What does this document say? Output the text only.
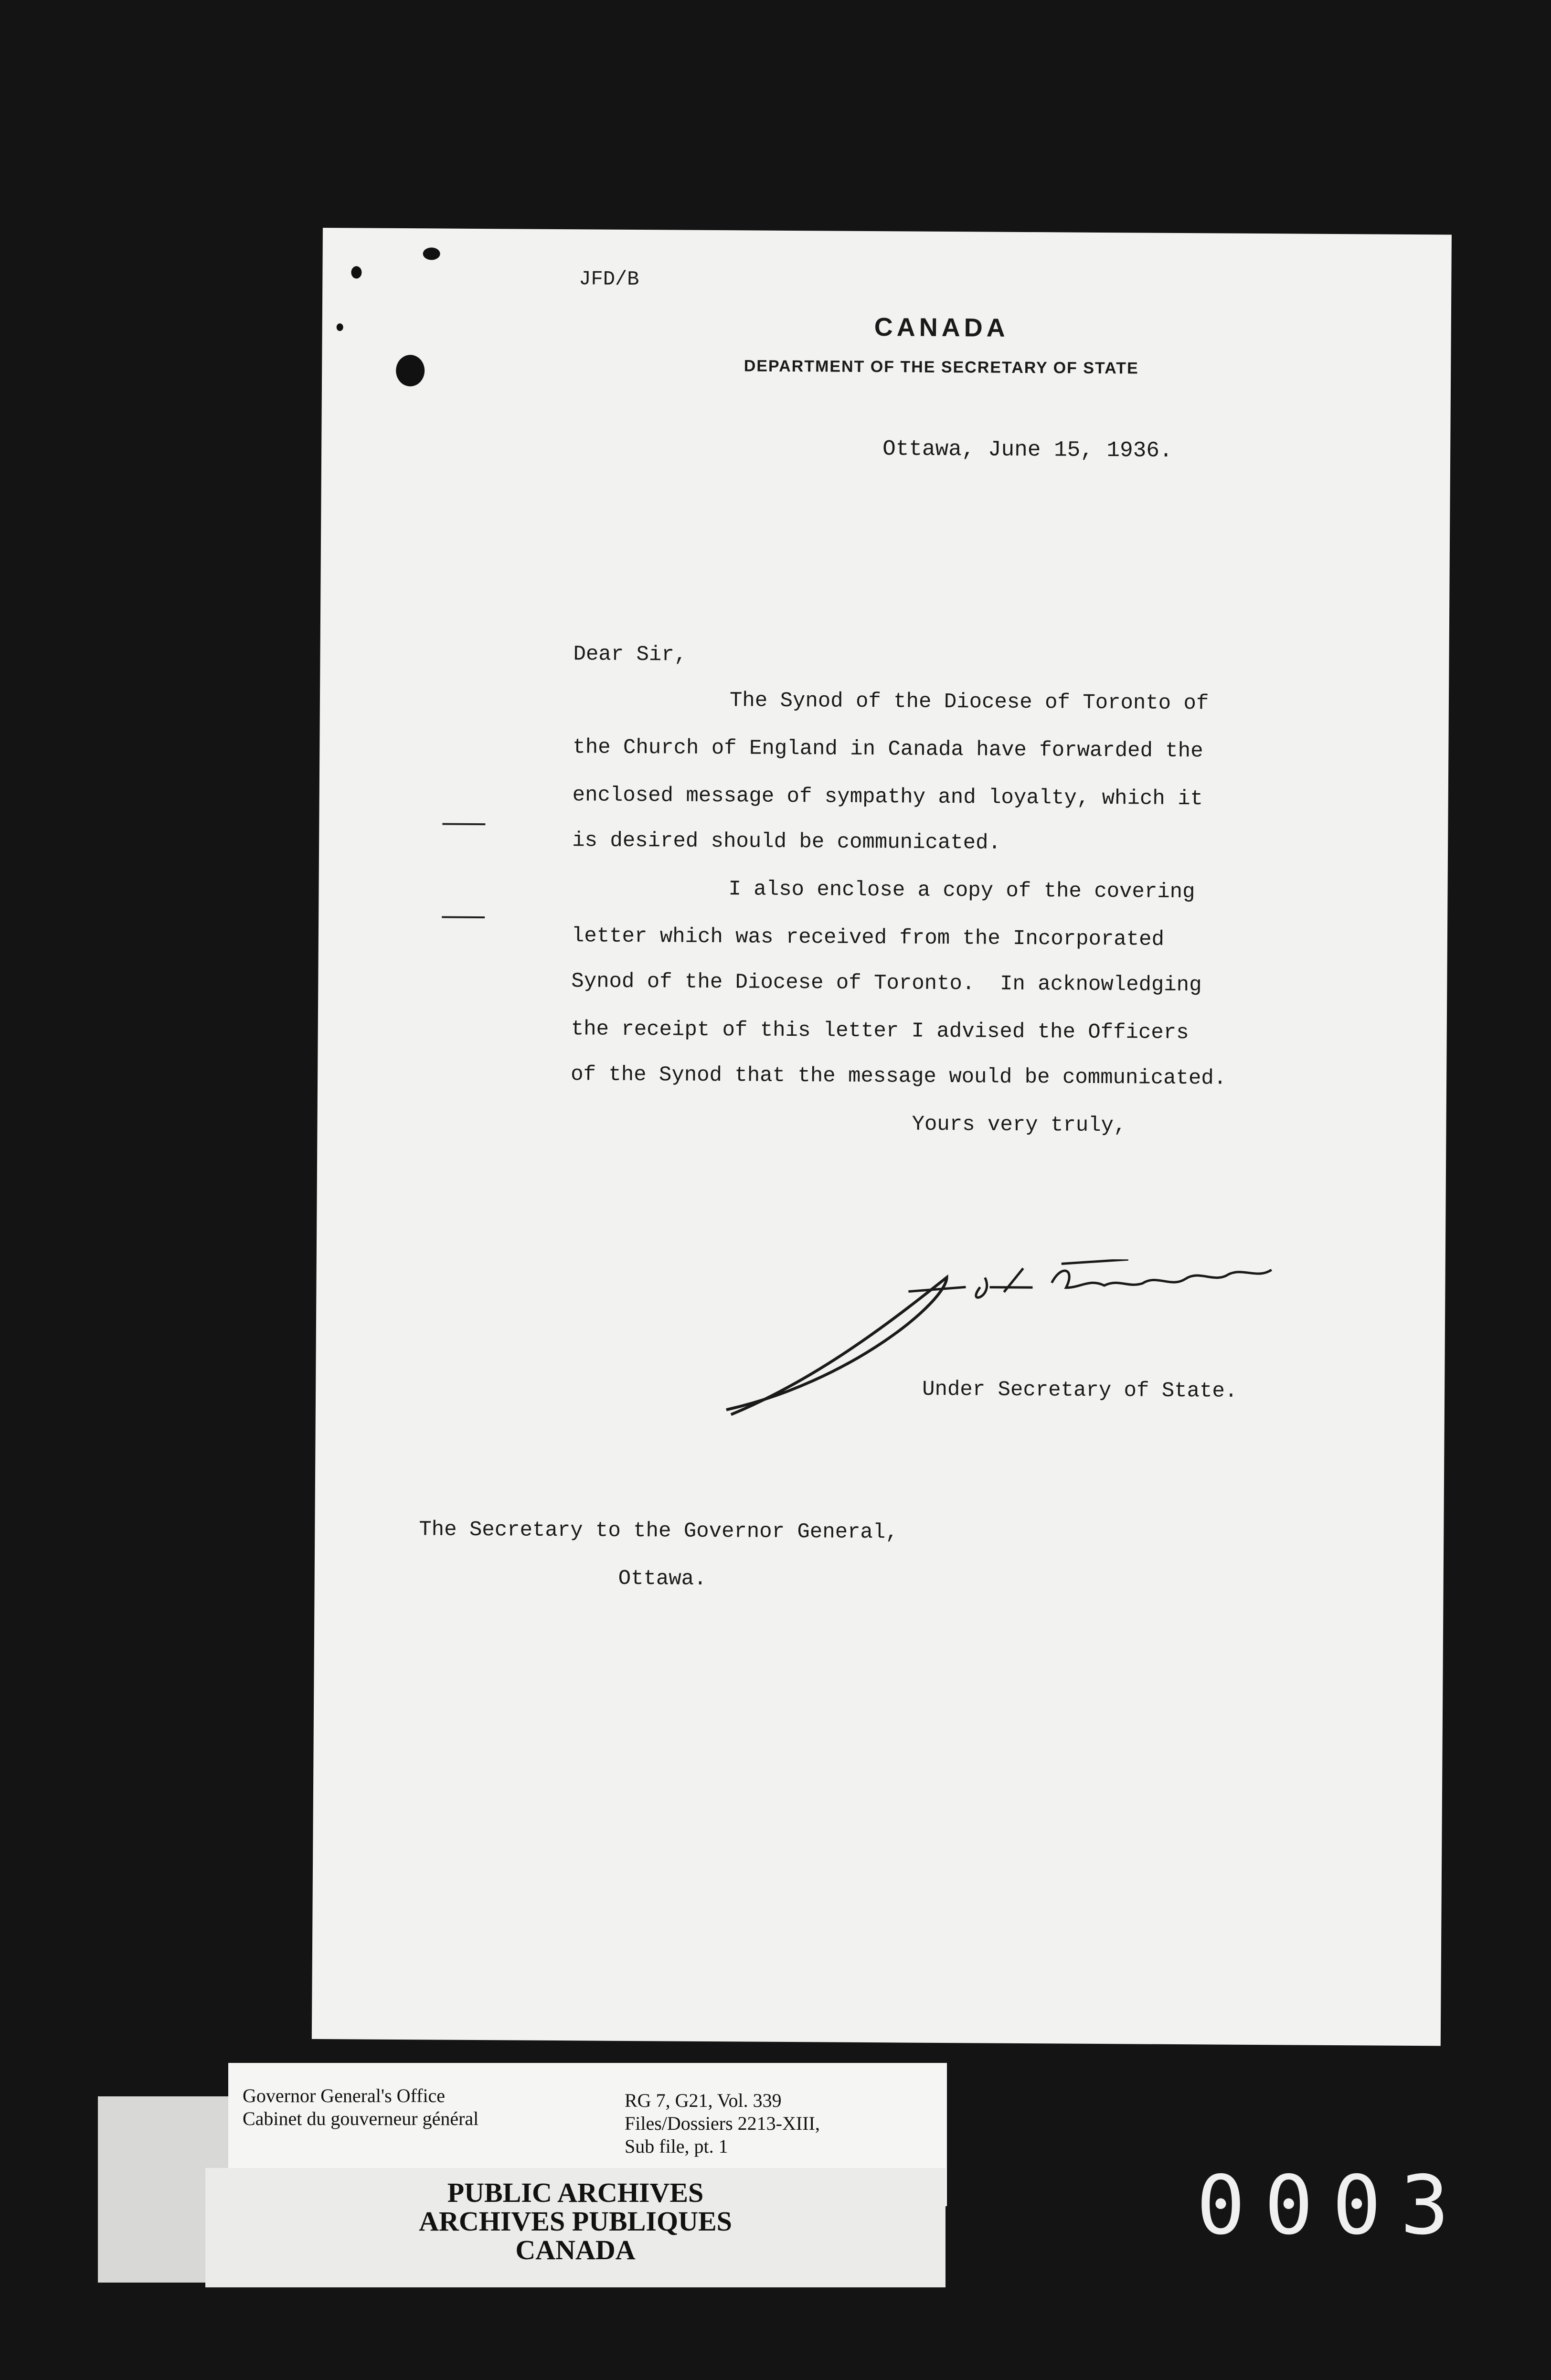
JFD/B
CANADA
DEPARTMENT OF THE SECRETARY OF STATE
Ottawa, June 15, 1936.
Dear Sir,
The Synod of the Diocese of Toronto of
the Church of England in Canada have forwarded the
enclosed message of sympathy and loyalty, which it
is desired should be communicated.
I also enclose a copy of the covering
letter which was received from the Incorporated
Synod of the Diocese of Toronto.  In acknowledging
the receipt of this letter I advised the Officers
of the Synod that the message would be communicated.
Yours very truly,
Under Secretary of State.
The Secretary to the Governor General,
Ottawa.
Governor General's Office
Cabinet du gouverneur général
RG 7, G21, Vol. 339
Files/Dossiers 2213-XIII,
Sub file, pt. 1
PUBLIC ARCHIVES
ARCHIVES PUBLIQUES
CANADA	0003
